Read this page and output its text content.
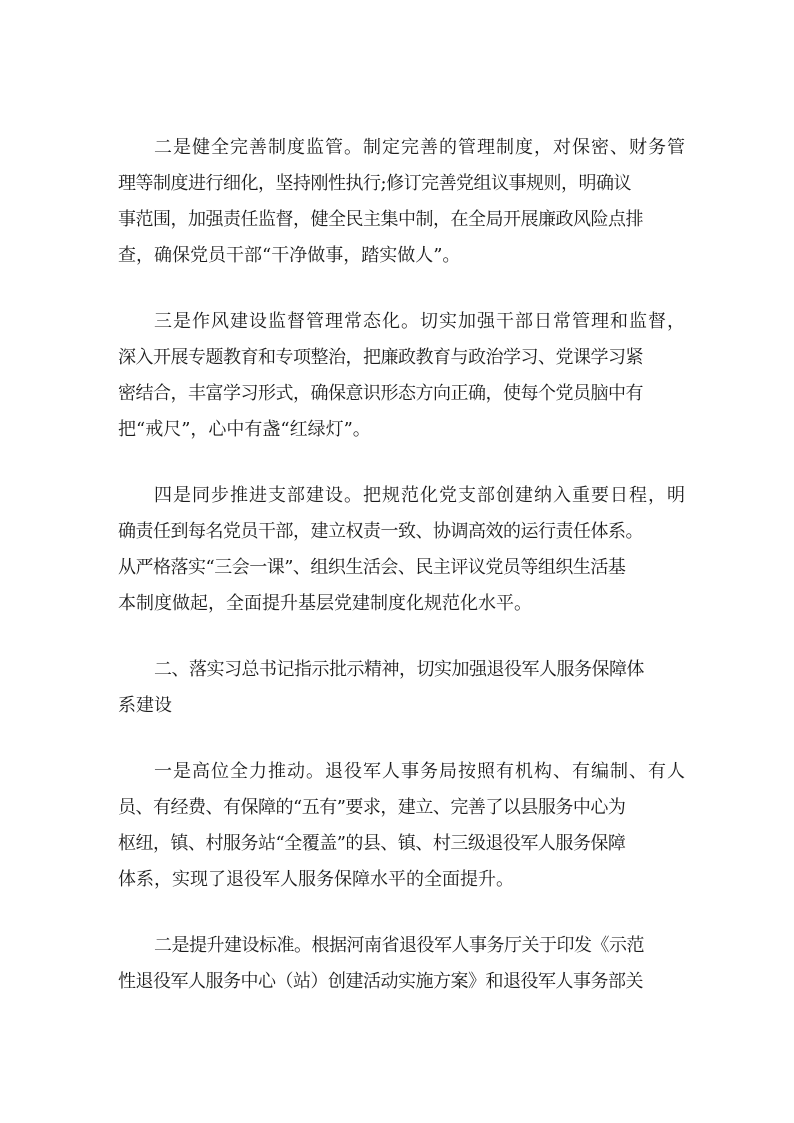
二是健全完善制度监管。制定完善的管理制度，对保密、财务管
理等制度进行细化，坚持刚性执行;修订完善党组议事规则，明确议
事范围，加强责任监督，健全民主集中制，在全局开展廉政风险点排
查，确保党员干部“干净做事，踏实做人”。
三是作风建设监督管理常态化。切实加强干部日常管理和监督，
深入开展专题教育和专项整治，把廉政教育与政治学习、党课学习紧
密结合，丰富学习形式，确保意识形态方向正确，使每个党员脑中有
把“戒尺”，心中有盏“红绿灯”。
四是同步推进支部建设。把规范化党支部创建纳入重要日程，明
确责任到每名党员干部，建立权责一致、协调高效的运行责任体系。
从严格落实“三会一课”、组织生活会、民主评议党员等组织生活基
本制度做起，全面提升基层党建制度化规范化水平。
二、落实习总书记指示批示精神，切实加强退役军人服务保障体
系建设
一是高位全力推动。退役军人事务局按照有机构、有编制、有人
员、有经费、有保障的“五有”要求，建立、完善了以县服务中心为
枢纽，镇、村服务站“全覆盖”的县、镇、村三级退役军人服务保障
体系，实现了退役军人服务保障水平的全面提升。
二是提升建设标准。根据河南省退役军人事务厅关于印发《示范
性退役军人服务中心（站）创建活动实施方案》和退役军人事务部关
